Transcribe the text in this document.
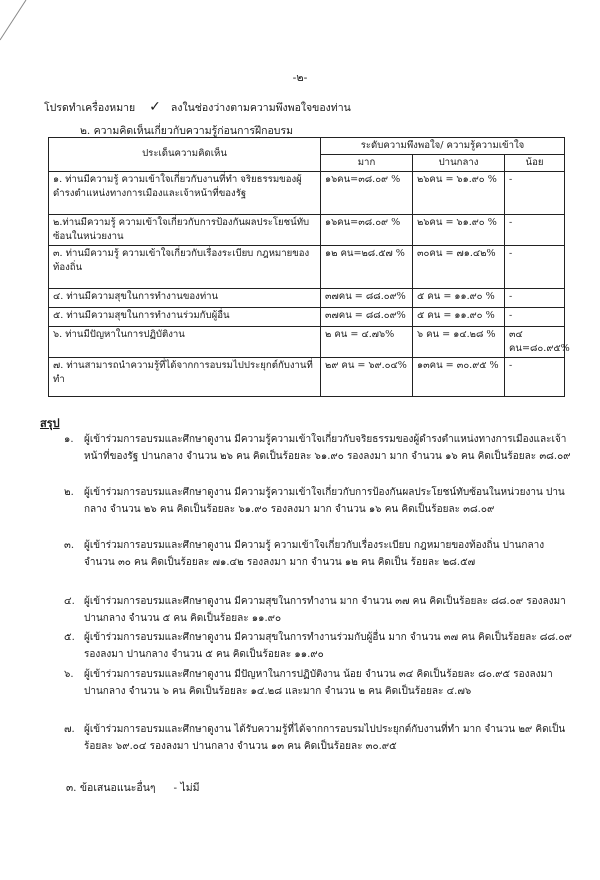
-๒-
โปรดทำเครื่องหมาย ✓ ลงในช่องว่างตามความพึงพอใจของท่าน
๒. ความคิดเห็นเกี่ยวกับความรู้ก่อนการฝึกอบรม
ประเด็นความคิดเห็น	ระดับความพึงพอใจ/ ความรู้ความเข้าใจ		
	มาก	ปานกลาง	น้อย
๑. ท่านมีความรู้ ความเข้าใจเกี่ยวกับงานที่ทำ จริยธรรมของผู้ดำรงตำแหน่งทางการเมืองและเจ้าหน้าที่ของรัฐ	๑๖คน=๓๘.๐๙ %	๒๖คน = ๖๑.๙๐ %	-
๒.ท่านมีความรู้ ความเข้าใจเกี่ยวกับการป้องกันผลประโยชน์ทับซ้อนในหน่วยงาน	๑๖คน=๓๘.๐๙ %	๒๖คน = ๖๑.๙๐ %	-
๓. ท่านมีความรู้ ความเข้าใจเกี่ยวกับเรื่องระเบียบ กฎหมายของท้องถิ่น	๑๒ คน=๒๘.๕๗ %	๓๐คน = ๗๑.๔๒%	-
๔. ท่านมีความสุขในการทำงานของท่าน	๓๗คน = ๘๘.๐๙%	๕ คน = ๑๑.๙๐ %	-
๕. ท่านมีความสุขในการทำงานร่วมกับผู้อื่น	๓๗คน = ๘๘.๐๙%	๕ คน = ๑๑.๙๐ %	-
๖. ท่านมีปัญหาในการปฏิบัติงาน	๒ คน = ๔.๗๖%	๖ คน = ๑๔.๒๘ %	๓๔ คน=๘๐.๙๕%
๗. ท่านสามารถนำความรู้ที่ได้จากการอบรมไปประยุกต์กับงานที่ทำ	๒๙ คน = ๖๙.๐๔%	๑๓คน = ๓๐.๙๕ %	-
สรุป
๑. ผู้เข้าร่วมการอบรมและศึกษาดูงาน มีความรู้ความเข้าใจเกี่ยวกับจริยธรรมของผู้ดำรงตำแหน่งทางการเมืองและเจ้าหน้าที่ของรัฐ ปานกลาง จำนวน ๒๖ คน คิดเป็นร้อยละ ๖๑.๙๐ รองลงมา มาก จำนวน ๑๖ คน คิดเป็นร้อยละ ๓๘.๐๙
๒. ผู้เข้าร่วมการอบรมและศึกษาดูงาน มีความรู้ความเข้าใจเกี่ยวกับการป้องกันผลประโยชน์ทับซ้อนในหน่วยงาน ปานกลาง จำนวน ๒๖ คน คิดเป็นร้อยละ ๖๑.๙๐ รองลงมา มาก จำนวน ๑๖ คน คิดเป็นร้อยละ ๓๘.๐๙
๓. ผู้เข้าร่วมการอบรมและศึกษาดูงาน มีความรู้ ความเข้าใจเกี่ยวกับเรื่องระเบียบ กฎหมายของท้องถิ่น ปานกลาง จำนวน ๓๐ คน คิดเป็นร้อยละ ๗๑.๔๒ รองลงมา มาก จำนวน ๑๒ คน คิดเป็น ร้อยละ ๒๘.๕๗
๔. ผู้เข้าร่วมการอบรมและศึกษาดูงาน มีความสุขในการทำงาน มาก จำนวน ๓๗ คน คิดเป็นร้อยละ ๘๘.๐๙ รองลงมา ปานกลาง จำนวน ๕ คน คิดเป็นร้อยละ ๑๑.๙๐
๕. ผู้เข้าร่วมการอบรมและศึกษาดูงาน มีความสุขในการทำงานร่วมกับผู้อื่น มาก จำนวน ๓๗ คน คิดเป็นร้อยละ ๘๘.๐๙ รองลงมา ปานกลาง จำนวน ๕ คน คิดเป็นร้อยละ ๑๑.๙๐
๖. ผู้เข้าร่วมการอบรมและศึกษาดูงาน มีปัญหาในการปฏิบัติงาน น้อย จำนวน ๓๔ คิดเป็นร้อยละ ๘๐.๙๕ รองลงมา ปานกลาง จำนวน ๖ คน คิดเป็นร้อยละ ๑๔.๒๘ และมาก จำนวน ๒ คน คิดเป็นร้อยละ ๔.๗๖
๗. ผู้เข้าร่วมการอบรมและศึกษาดูงาน ได้รับความรู้ที่ได้จากการอบรมไปประยุกต์กับงานที่ทำ มาก จำนวน ๒๙ คิดเป็นร้อยละ ๖๙.๐๔ รองลงมา ปานกลาง จำนวน ๑๓ คน คิดเป็นร้อยละ ๓๐.๙๕
๓. ข้อเสนอแนะอื่นๆ - ไม่มี
